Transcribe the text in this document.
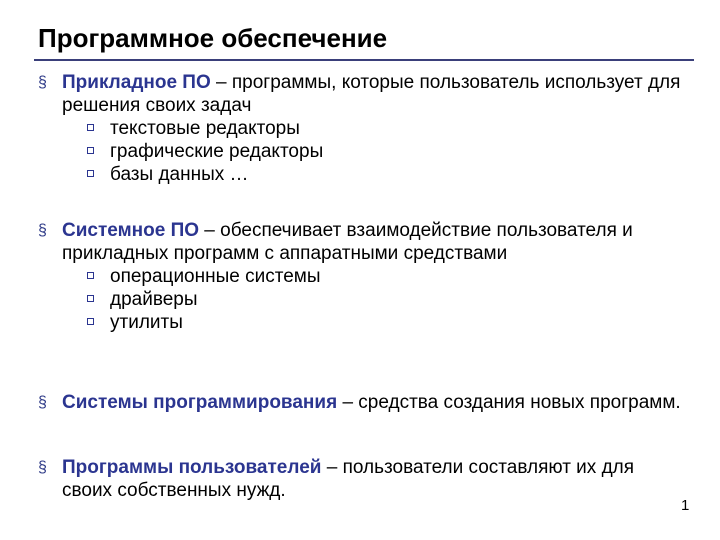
Программное обеспечение
§ Прикладное ПО – программы, которые пользователь использует для решения своих задач
текстовые редакторы
графические редакторы
базы данных …
§ Системное ПО – обеспечивает взаимодействие пользователя и прикладных программ с аппаратными средствами
операционные системы
драйверы
утилиты
§ Системы программирования – средства создания новых программ.
§ Программы пользователей – пользователи составляют их для своих собственных нужд.
1
